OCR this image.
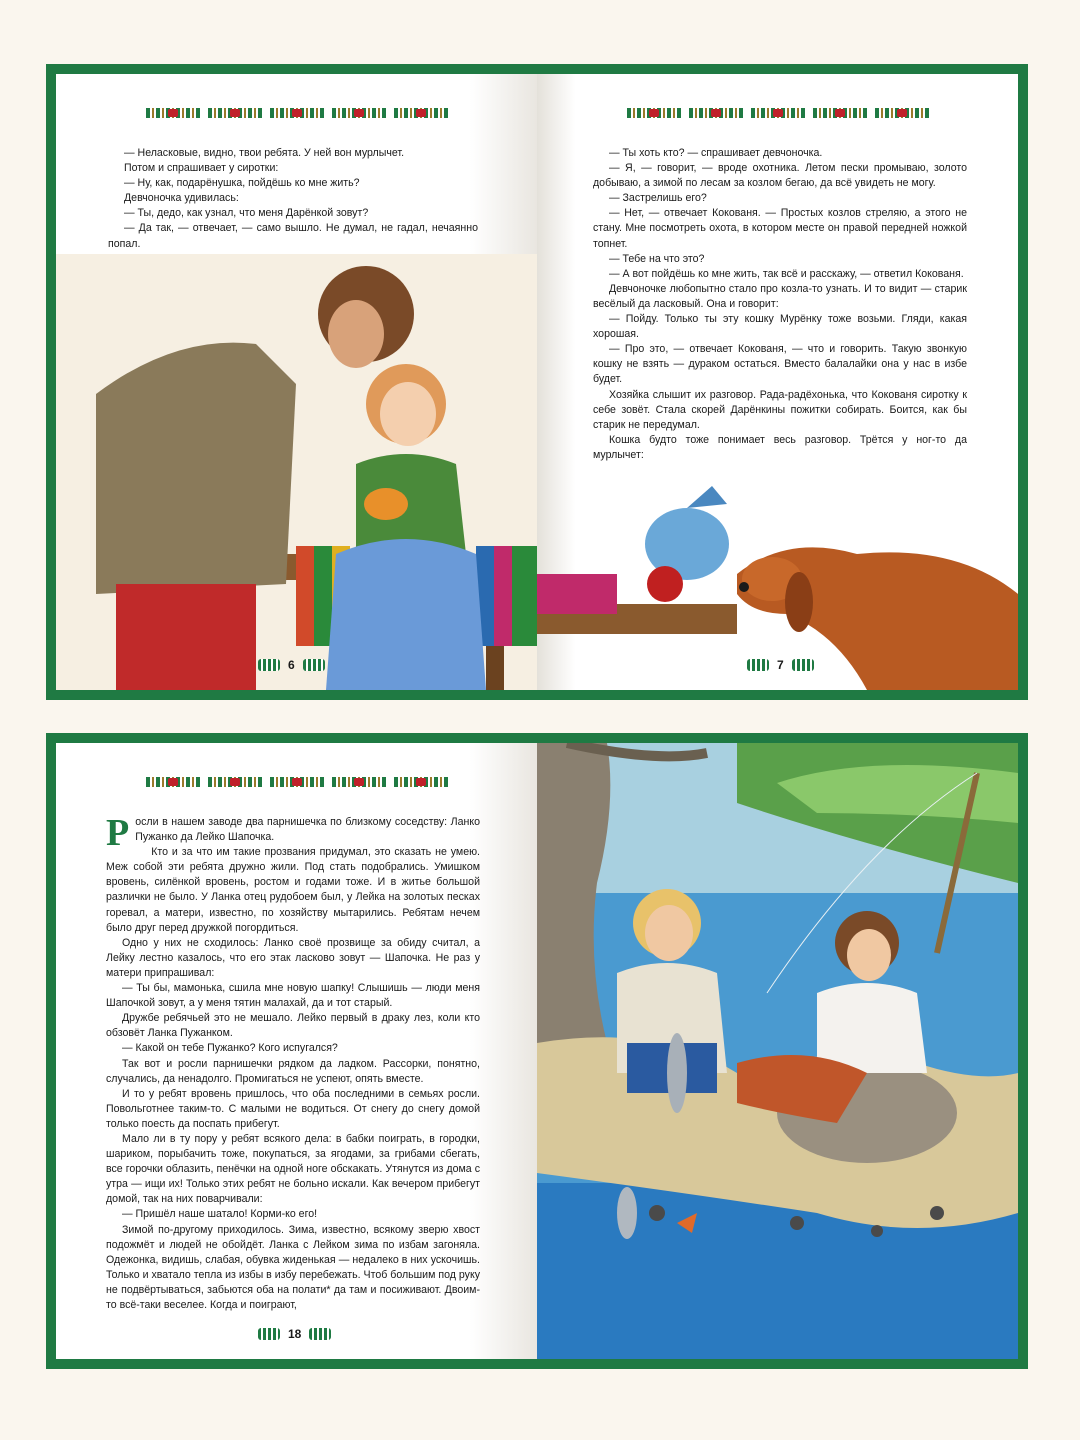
— Неласковые, видно, твои ребята. У ней вон мурлычет.

Потом и спрашивает у сиротки:

— Ну, как, подарёнушка, пойдёшь ко мне жить?

Девчоночка удивилась:

— Ты, дедо, как узнал, что меня Дарёнкой зовут?

— Да так, — отвечает, — само вышло. Не думал, не гадал, нечаянно попал.

6

— Ты хоть кто? — спрашивает девчоночка.

— Я, — говорит, — вроде охотника. Летом пески промываю, золото добываю, а зимой по лесам за козлом бегаю, да всё увидеть не могу.

— Застрелишь его?

— Нет, — отвечает Кокованя. — Простых козлов стреляю, а этого не стану. Мне посмотреть охота, в котором месте он правой передней ножкой топнет.

— Тебе на что это?

— А вот пойдёшь ко мне жить, так всё и расскажу, — ответил Кокованя.

Девчоночке любопытно стало про козла-то узнать. И то видит — старик весёлый да ласковый. Она и говорит:

— Пойду. Только ты эту кошку Мурёнку тоже возьми. Гляди, какая хорошая.

— Про это, — отвечает Кокованя, — что и говорить. Такую звонкую кошку не взять — дураком остаться. Вместо балалайки она у нас в избе будет.

Хозяйка слышит их разговор. Рада-радёхонька, что Кокованя сиротку к себе зовёт. Стала скорей Дарёнкины пожитки собирать. Боится, как бы старик не передумал.

Кошка будто тоже понимает весь разговор. Трётся у ног-то да мурлычет:

7

Росли в нашем заводе два парнишечка по близкому соседству: Ланко Пужанко да Лейко Шапочка.

Кто и за что им такие прозвания придумал, это сказать не умею. Меж собой эти ребята дружно жили. Под стать подобрались. Умишком вровень, силёнкой вровень, ростом и годами тоже. И в житье большой различки не было. У Ланка отец рудобоем был, у Лейка на золотых песках горевал, а матери, известно, по хозяйству мытарились. Ребятам нечем было друг перед дружкой погордиться.

Одно у них не сходилось: Ланко своё прозвище за обиду считал, а Лейку лестно казалось, что его этак ласково зовут — Шапочка. Не раз у матери припрашивал:

— Ты бы, мамонька, сшила мне новую шапку! Слышишь — люди меня Шапочкой зовут, а у меня тятин малахай, да и тот старый.

Дружбе ребячьей это не мешало. Лейко первый в драку лез, коли кто обзовёт Ланка Пужанком.

— Какой он тебе Пужанко? Кого испугался?

Так вот и росли парнишечки рядком да ладком. Рассорки, понятно, случались, да ненадолго. Промигаться не успеют, опять вместе.

И то у ребят вровень пришлось, что оба последними в семьях росли. Повольготнее таким-то. С малыми не водиться. От снегу до снегу домой только поесть да поспать прибегут.

Мало ли в ту пору у ребят всякого дела: в бабки поиграть, в городки, шариком, порыбачить тоже, покупаться, за ягодами, за грибами сбегать, все горочки облазить, пенёчки на одной ноге обскакать. Утянутся из дома с утра — ищи их! Только этих ребят не больно искали. Как вечером прибегут домой, так на них поварчивали:

— Пришёл наше шатало! Корми-ко его!

Зимой по-другому приходилось. Зима, известно, всякому зверю хвост подожмёт и людей не обойдёт. Ланка с Лейком зима по избам загоняла. Одежонка, видишь, слабая, обувка жиденькая — недалеко в них ускочишь. Только и хватало тепла из избы в избу перебежать. Чтоб большим под руку не подвёртываться, забьются оба на полати* да там и посиживают. Двоим-то всё-таки веселее. Когда и поиграют,

18
